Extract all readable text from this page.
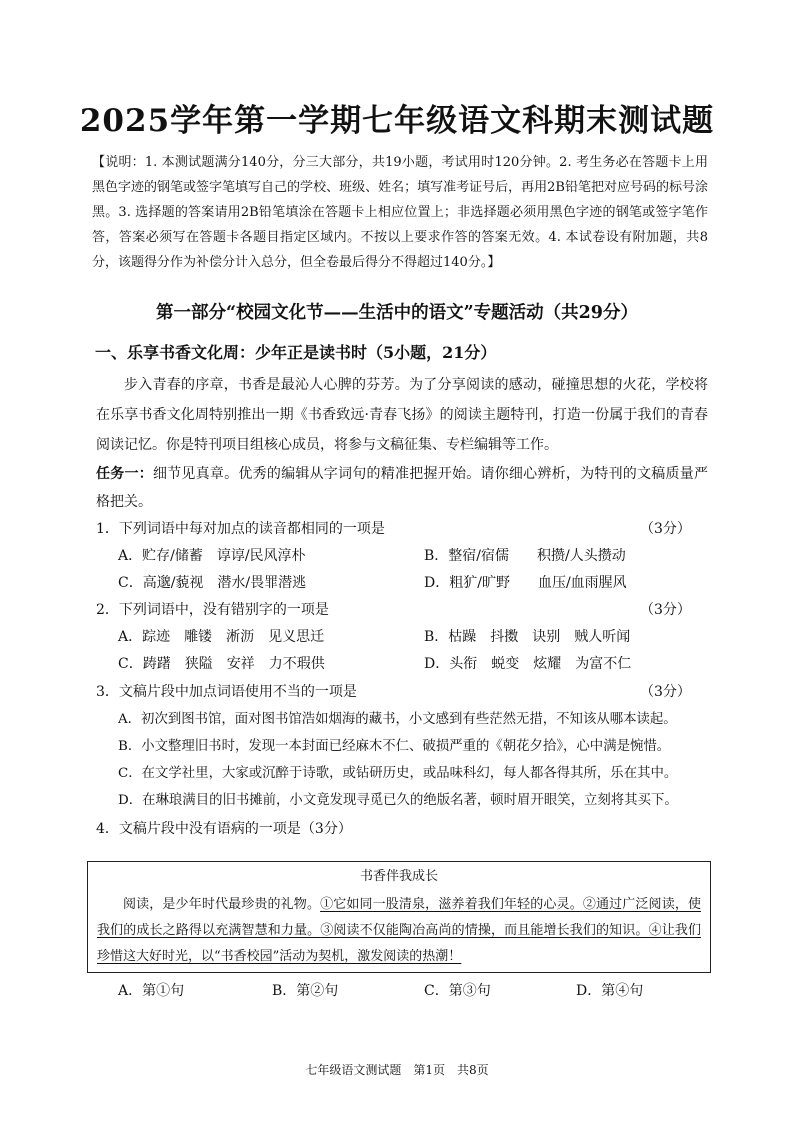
2025学年第一学期七年级语文科期末测试题
【说明：1. 本测试题满分140分，分三大部分，共19小题，考试用时120分钟。2. 考生务必在答题卡上用黑色字迹的钢笔或签字笔填写自己的学校、班级、姓名；填写准考证号后，再用2B铅笔把对应号码的标号涂黑。3. 选择题的答案请用2B铅笔填涂在答题卡上相应位置上；非选择题必须用黑色字迹的钢笔或签字笔作答，答案必须写在答题卡各题目指定区域内。不按以上要求作答的答案无效。4. 本试卷设有附加题，共8分，该题得分作为补偿分计入总分，但全卷最后得分不得超过140分。】
第一部分“校园文化节——生活中的语文”专题活动（共29分）
一、乐享书香文化周：少年正是读书时（5小题，21分）
步入青春的序章，书香是最沁人心脾的芬芳。为了分享阅读的感动，碰撞思想的火花，学校将在乐享书香文化周特别推出一期《书香致远·青春飞扬》的阅读主题特刊，打造一份属于我们的青春阅读记忆。你是特刊项目组核心成员，将参与文稿征集、专栏编辑等工作。
任务一：细节见真章。优秀的编辑从字词句的精准把握开始。请你细心辨析，为特刊的文稿质量严格把关。
1．下列词语中每对加点的读音都相同的一项是	（3分）
A．贮存/储蓄　谆谆/民风淳朴	B．整宿/宿儒　　积攒/人头攒动
C．高邈/藐视　潜水/畏罪潜逃	D．粗犷/旷野　　血压/血雨腥风
2．下列词语中，没有错别字的一项是	（3分）
A．踪迹　雕镂　淅沥　见义思迁	B．枯躁　抖擞　诀别　贼人听闻
C．踌躇　狭隘　安祥　力不瑕供	D．头衔　蜕变　炫耀　为富不仁
3．文稿片段中加点词语使用不当的一项是	（3分）
A．初次到图书馆，面对图书馆浩如烟海的藏书，小文感到有些茫然无措，不知该从哪本读起。
B．小文整理旧书时，发现一本封面已经麻木不仁、破损严重的《朝花夕拾》，心中满是惋惜。
C．在文学社里，大家或沉醉于诗歌，或钻研历史，或品味科幻，每人都各得其所，乐在其中。
D．在琳琅满目的旧书摊前，小文竟发现寻觅已久的绝版名著，顿时眉开眼笑，立刻将其买下。
4．文稿片段中没有语病的一项是（3分）
书香伴我成长
阅读，是少年时代最珍贵的礼物。①它如同一股清泉，滋养着我们年轻的心灵。②通过广泛阅读，使我们的成长之路得以充满智慧和力量。③阅读不仅能陶冶高尚的情操，而且能增长我们的知识。④让我们珍惜这大好时光，以“书香校园”活动为契机，激发阅读的热潮！
A．第①句	B．第②句	C．第③句	D．第④句
七年级语文测试题　第1页　共8页
